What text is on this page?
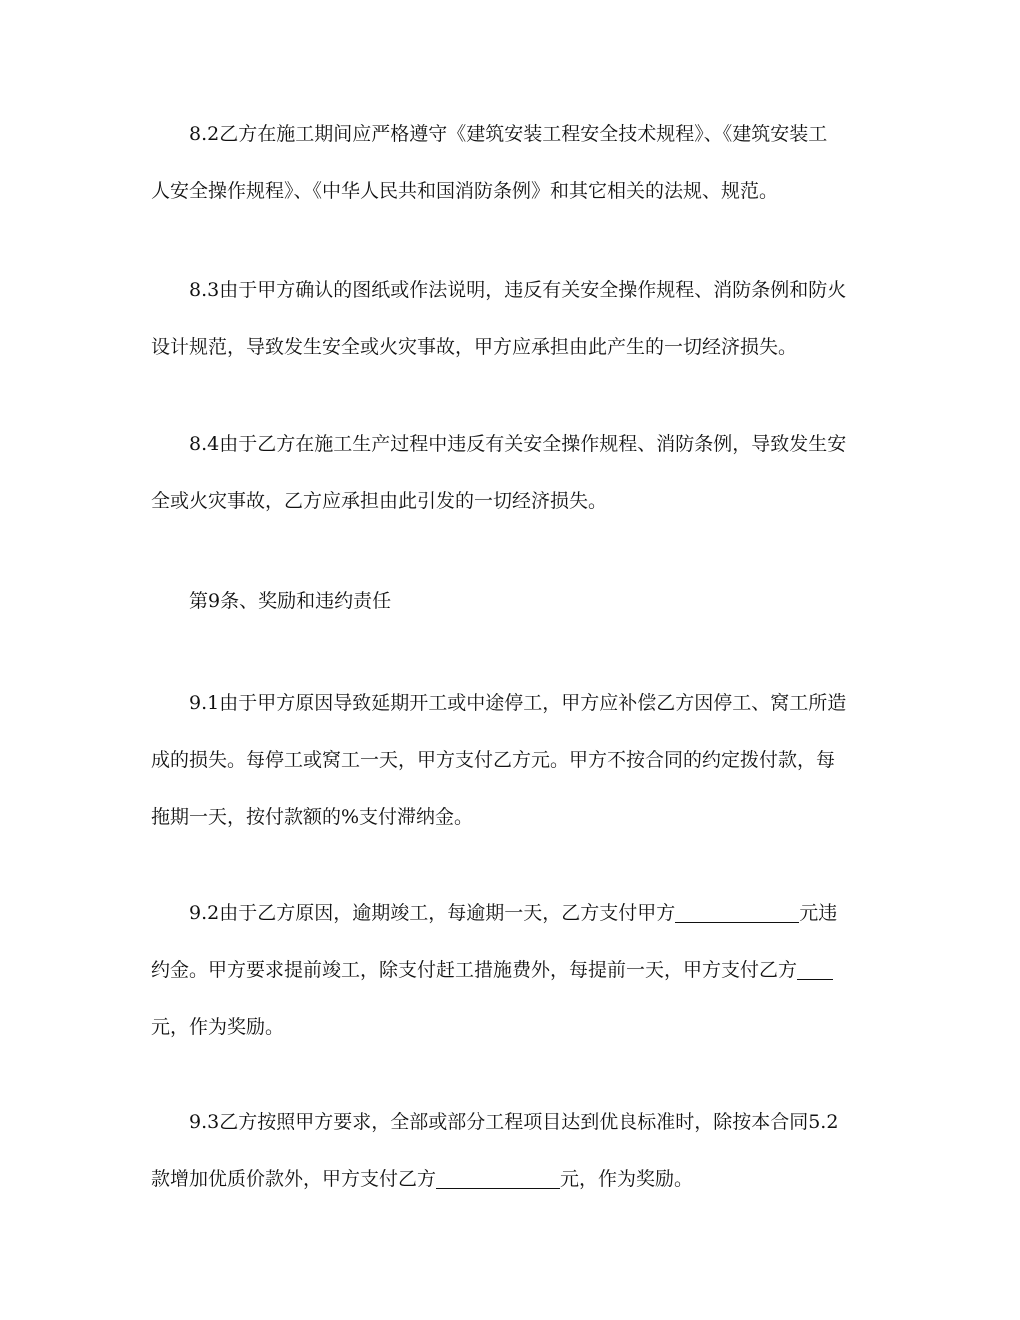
8.2乙方在施工期间应严格遵守《建筑安装工程安全技术规程》、《建筑安装工
人安全操作规程》、《中华人民共和国消防条例》和其它相关的法规、规范。

8.3由于甲方确认的图纸或作法说明，违反有关安全操作规程、消防条例和防火
设计规范，导致发生安全或火灾事故，甲方应承担由此产生的一切经济损失。

8.4由于乙方在施工生产过程中违反有关安全操作规程、消防条例，导致发生安
全或火灾事故，乙方应承担由此引发的一切经济损失。

第9条、奖励和违约责任

9.1由于甲方原因导致延期开工或中途停工，甲方应补偿乙方因停工、窝工所造
成的损失。每停工或窝工一天，甲方支付乙方元。甲方不按合同的约定拨付款，每
拖期一天，按付款额的%支付滞纳金。

9.2由于乙方原因，逾期竣工，每逾期一天，乙方支付甲方	元违
约金。甲方要求提前竣工，除支付赶工措施费外，每提前一天，甲方支付乙方
元，作为奖励。

9.3乙方按照甲方要求，全部或部分工程项目达到优良标准时，除按本合同5.2
款增加优质价款外，甲方支付乙方	元，作为奖励。
